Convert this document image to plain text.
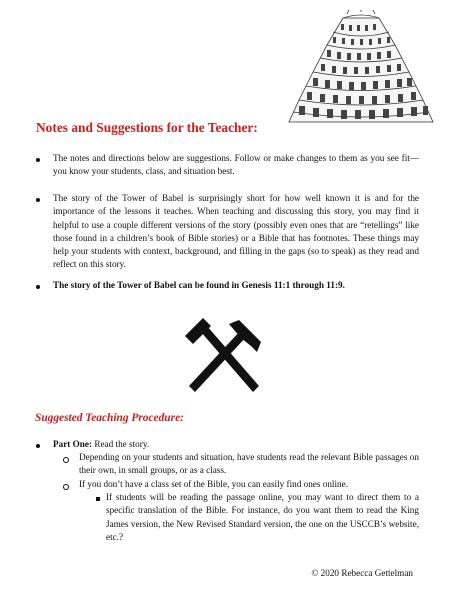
Notes and Suggestions for the Teacher:
The notes and directions below are suggestions. Follow or make changes to them as you see fit—you know your students, class, and situation best.
The story of the Tower of Babel is surprisingly short for how well known it is and for the importance of the lessons it teaches. When teaching and discussing this story, you may find it helpful to use a couple different versions of the story (possibly even ones that are “retellings” like those found in a children’s book of Bible stories) or a Bible that has footnotes. These things may help your students with context, background, and filling in the gaps (so to speak) as they read and reflect on this story.
The story of the Tower of Babel can be found in Genesis 11:1 through 11:9.
Suggested Teaching Procedure:
Part One: Read the story.
Depending on your students and situation, have students read the relevant Bible passages on their own, in small groups, or as a class.
If you don’t have a class set of the Bible, you can easily find ones online.
If students will be reading the passage online, you may want to direct them to a specific translation of the Bible. For instance, do you want them to read the King James version, the New Revised Standard version, the one on the USCCB’s website, etc.?
© 2020 Rebecca Gettelman
